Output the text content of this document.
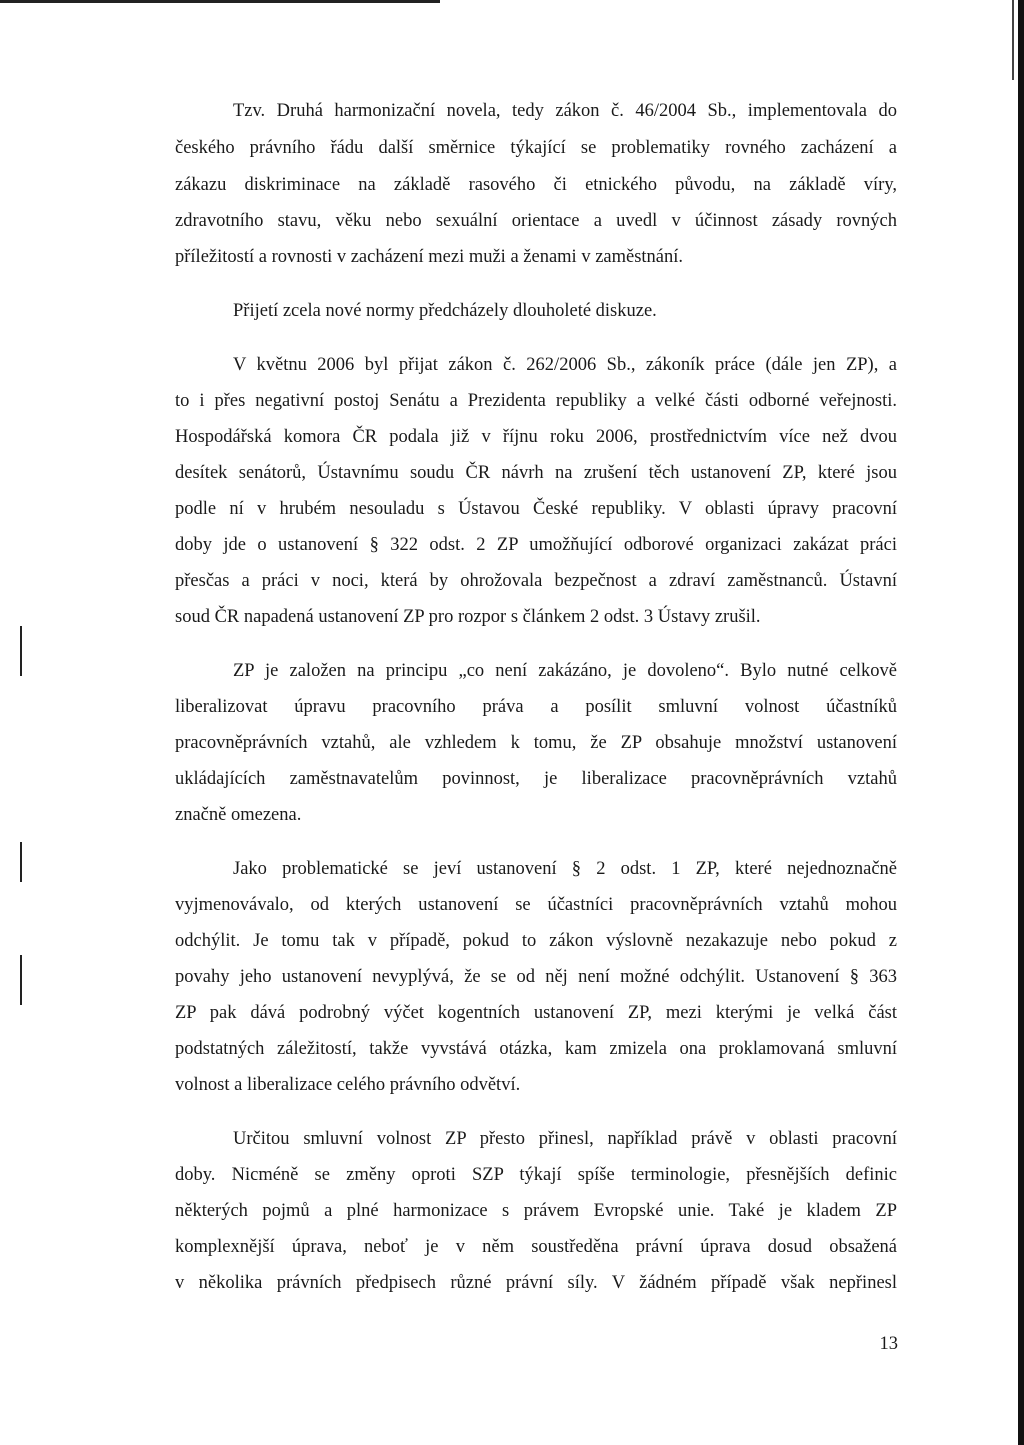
Tzv. Druhá harmonizační novela, tedy zákon č. 46/2004 Sb., implementovala do

českého právního řádu další směrnice týkající se problematiky rovného zacházení a

zákazu diskriminace na základě rasového či etnického původu, na základě víry,

zdravotního stavu, věku nebo sexuální orientace a uvedl v účinnost zásady rovných

příležitostí a rovnosti v zacházení mezi muži a ženami v zaměstnání.

Přijetí zcela nové normy předcházely dlouholeté diskuze.

V květnu 2006 byl přijat zákon č. 262/2006 Sb., zákoník práce (dále jen ZP), a

to i přes negativní postoj Senátu a Prezidenta republiky a velké části odborné veřejnosti.

Hospodářská komora ČR podala již v říjnu roku 2006, prostřednictvím více než dvou

desítek senátorů, Ústavnímu soudu ČR návrh na zrušení těch ustanovení ZP, které jsou

podle ní v hrubém nesouladu s Ústavou České republiky. V oblasti úpravy pracovní

doby jde o ustanovení § 322 odst. 2 ZP umožňující odborové organizaci zakázat práci

přesčas a práci v noci, která by ohrožovala bezpečnost a zdraví zaměstnanců. Ústavní

soud ČR napadená ustanovení ZP pro rozpor s článkem 2 odst. 3 Ústavy zrušil.

ZP je založen na principu „co není zakázáno, je dovoleno“. Bylo nutné celkově

liberalizovat úpravu pracovního práva a posílit smluvní volnost účastníků

pracovněprávních vztahů, ale vzhledem k tomu, že ZP obsahuje množství ustanovení

ukládajících zaměstnavatelům povinnost, je liberalizace pracovněprávních vztahů

značně omezena.

Jako problematické se jeví ustanovení § 2 odst. 1 ZP, které nejednoznačně

vyjmenovávalo, od kterých ustanovení se účastníci pracovněprávních vztahů mohou

odchýlit. Je tomu tak v případě, pokud to zákon výslovně nezakazuje nebo pokud z

povahy jeho ustanovení nevyplývá, že se od něj není možné odchýlit. Ustanovení § 363

ZP pak dává podrobný výčet kogentních ustanovení ZP, mezi kterými je velká část

podstatných záležitostí, takže vyvstává otázka, kam zmizela ona proklamovaná smluvní

volnost a liberalizace celého právního odvětví.

Určitou smluvní volnost ZP přesto přinesl, například právě v oblasti pracovní

doby. Nicméně se změny oproti SZP týkají spíše terminologie, přesnějších definic

některých pojmů a plné harmonizace s právem Evropské unie. Také je kladem ZP

komplexnější úprava, neboť je v něm soustředěna právní úprava dosud obsažená

v několika právních předpisech různé právní síly. V žádném případě však nepřinesl

13
